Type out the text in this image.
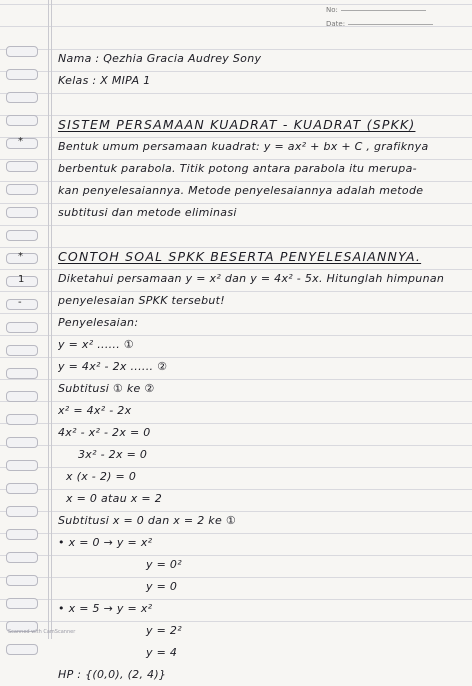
No:
Date:
*
*
1
-
Nama : Qezhia Gracia Audrey Sony
Kelas : X MIPA 1
SISTEM PERSAMAAN KUADRAT - KUADRAT (SPKK)
Bentuk umum persamaan kuadrat: y = ax² + bx + C , grafiknya
berbentuk parabola. Titik potong antara parabola itu merupa-
kan penyelesaiannya. Metode penyelesaiannya adalah metode
subtitusi dan metode eliminasi
CONTOH SOAL SPKK BESERTA PENYELESAIANNYA.
Diketahui persamaan y = x² dan y = 4x² - 5x. Hitunglah himpunan
penyelesaian SPKK tersebut!
Penyelesaian:
y = x² ...... ①
y = 4x² - 2x ...... ②
Subtitusi ① ke ②
x² = 4x² - 2x
4x² - x² - 2x = 0
3x² - 2x = 0
x (x - 2) = 0
x = 0 atau x = 2
Subtitusi x = 0 dan x = 2 ke ①
• x = 0 → y = x²
y = 0²
y = 0
• x = 5 → y = x²
y = 2²
y = 4
HP : {(0,0), (2, 4)}
Scanned with CamScanner
